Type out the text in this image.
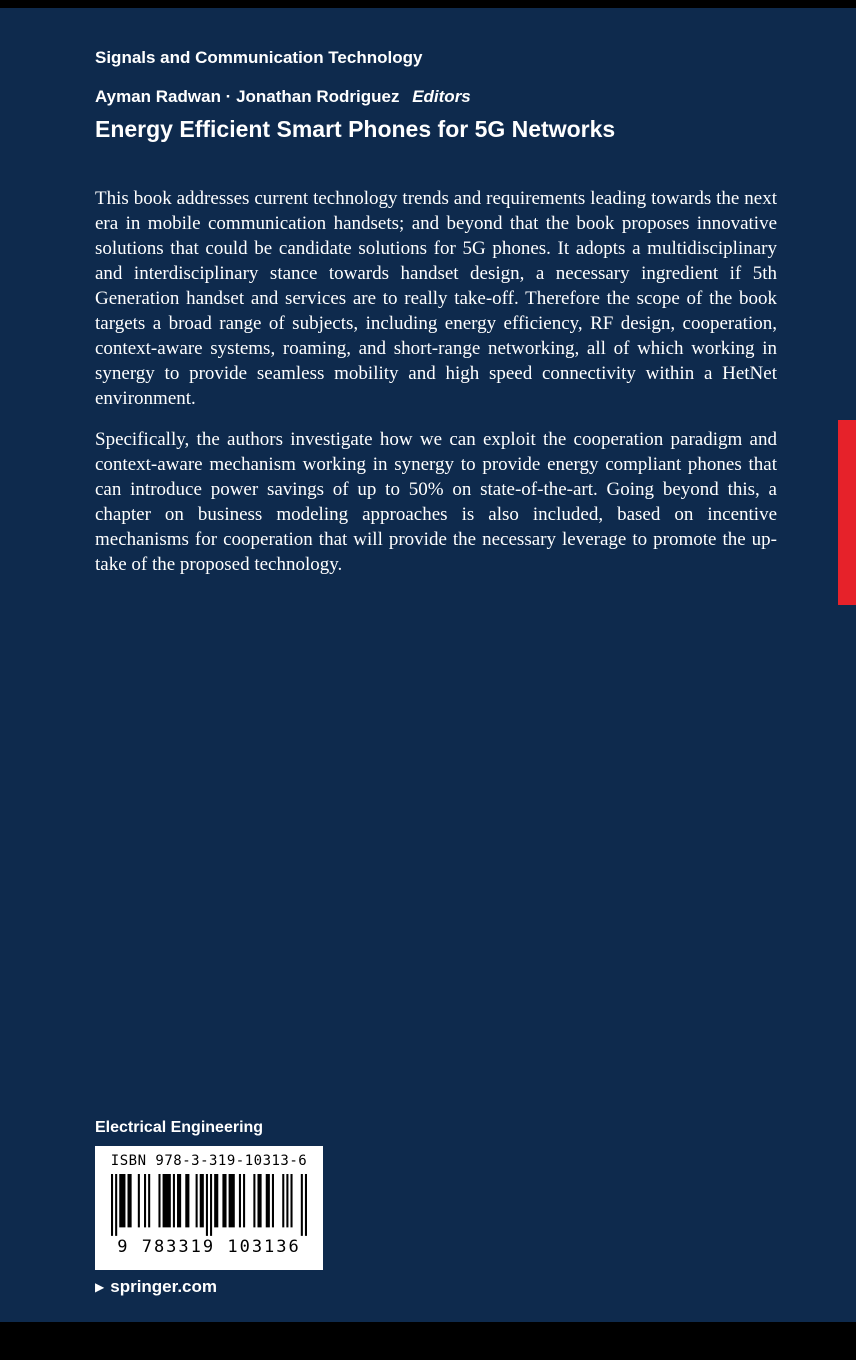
Signals and Communication Technology
Ayman Radwan · Jonathan Rodriguez Editors
Energy Efficient Smart Phones for 5G Networks

This book addresses current technology trends and requirements leading towards the next era in mobile communication handsets; and beyond that the book proposes innovative solutions that could be candidate solutions for 5G phones. It adopts a multidisciplinary and interdisciplinary stance towards handset design, a necessary ingredient if 5th Generation handset and services are to really take-off. Therefore the scope of the book targets a broad range of subjects, including energy efficiency, RF design, cooperation, context-aware systems, roaming, and short-range networking, all of which working in synergy to provide seamless mobility and high speed connectivity within a HetNet environment.

Specifically, the authors investigate how we can exploit the cooperation paradigm and context-aware mechanism working in synergy to provide energy compliant phones that can introduce power savings of up to 50% on state-of-the-art. Going beyond this, a chapter on business modeling approaches is also included, based on incentive mechanisms for cooperation that will provide the necessary leverage to promote the up-take of the proposed technology.

Electrical Engineering
ISBN 978-3-319-10313-6
9 783319 103136
▶ springer.com
